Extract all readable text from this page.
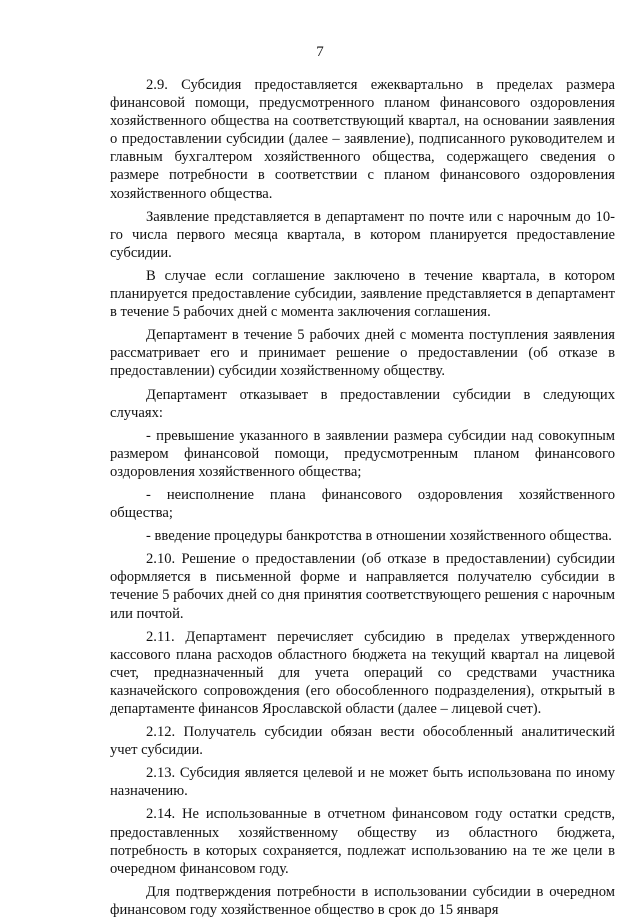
7

2.9. Субсидия предоставляется ежеквартально в пределах размера финансовой помощи, предусмотренного планом финансового оздоровления хозяйственного общества на соответствующий квартал, на основании заявления о предоставлении субсидии (далее – заявление), подписанного руководителем и главным бухгалтером хозяйственного общества, содержащего сведения о размере потребности в соответствии с планом финансового оздоровления хозяйственного общества.

Заявление представляется в департамент по почте или с нарочным до 10-го числа первого месяца квартала, в котором планируется предоставление субсидии.

В случае если соглашение заключено в течение квартала, в котором планируется предоставление субсидии, заявление представляется в департамент в течение 5 рабочих дней с момента заключения соглашения.

Департамент в течение 5 рабочих дней с момента поступления заявления рассматривает его и принимает решение о предоставлении (об отказе в предоставлении) субсидии хозяйственному обществу.

Департамент отказывает в предоставлении субсидии в следующих случаях:

- превышение указанного в заявлении размера субсидии над совокупным размером финансовой помощи, предусмотренным планом финансового оздоровления хозяйственного общества;

- неисполнение плана финансового оздоровления хозяйственного общества;

- введение процедуры банкротства в отношении хозяйственного общества.

2.10. Решение о предоставлении (об отказе в предоставлении) субсидии оформляется в письменной форме и направляется получателю субсидии в течение 5 рабочих дней со дня принятия соответствующего решения с нарочным или почтой.

2.11. Департамент перечисляет субсидию в пределах утвержденного кассового плана расходов областного бюджета на текущий квартал на лицевой счет, предназначенный для учета операций со средствами участника казначейского сопровождения (его обособленного подразделения), открытый в департаменте финансов Ярославской области (далее – лицевой счет).

2.12. Получатель субсидии обязан вести обособленный аналитический учет субсидии.

2.13. Субсидия является целевой и не может быть использована по иному назначению.

2.14. Не использованные в отчетном финансовом году остатки средств, предоставленных хозяйственному обществу из областного бюджета, потребность в которых сохраняется, подлежат использованию на те же цели в очередном финансовом году.

Для подтверждения потребности в использовании субсидии в очередном финансовом году хозяйственное общество в срок до 15 января
